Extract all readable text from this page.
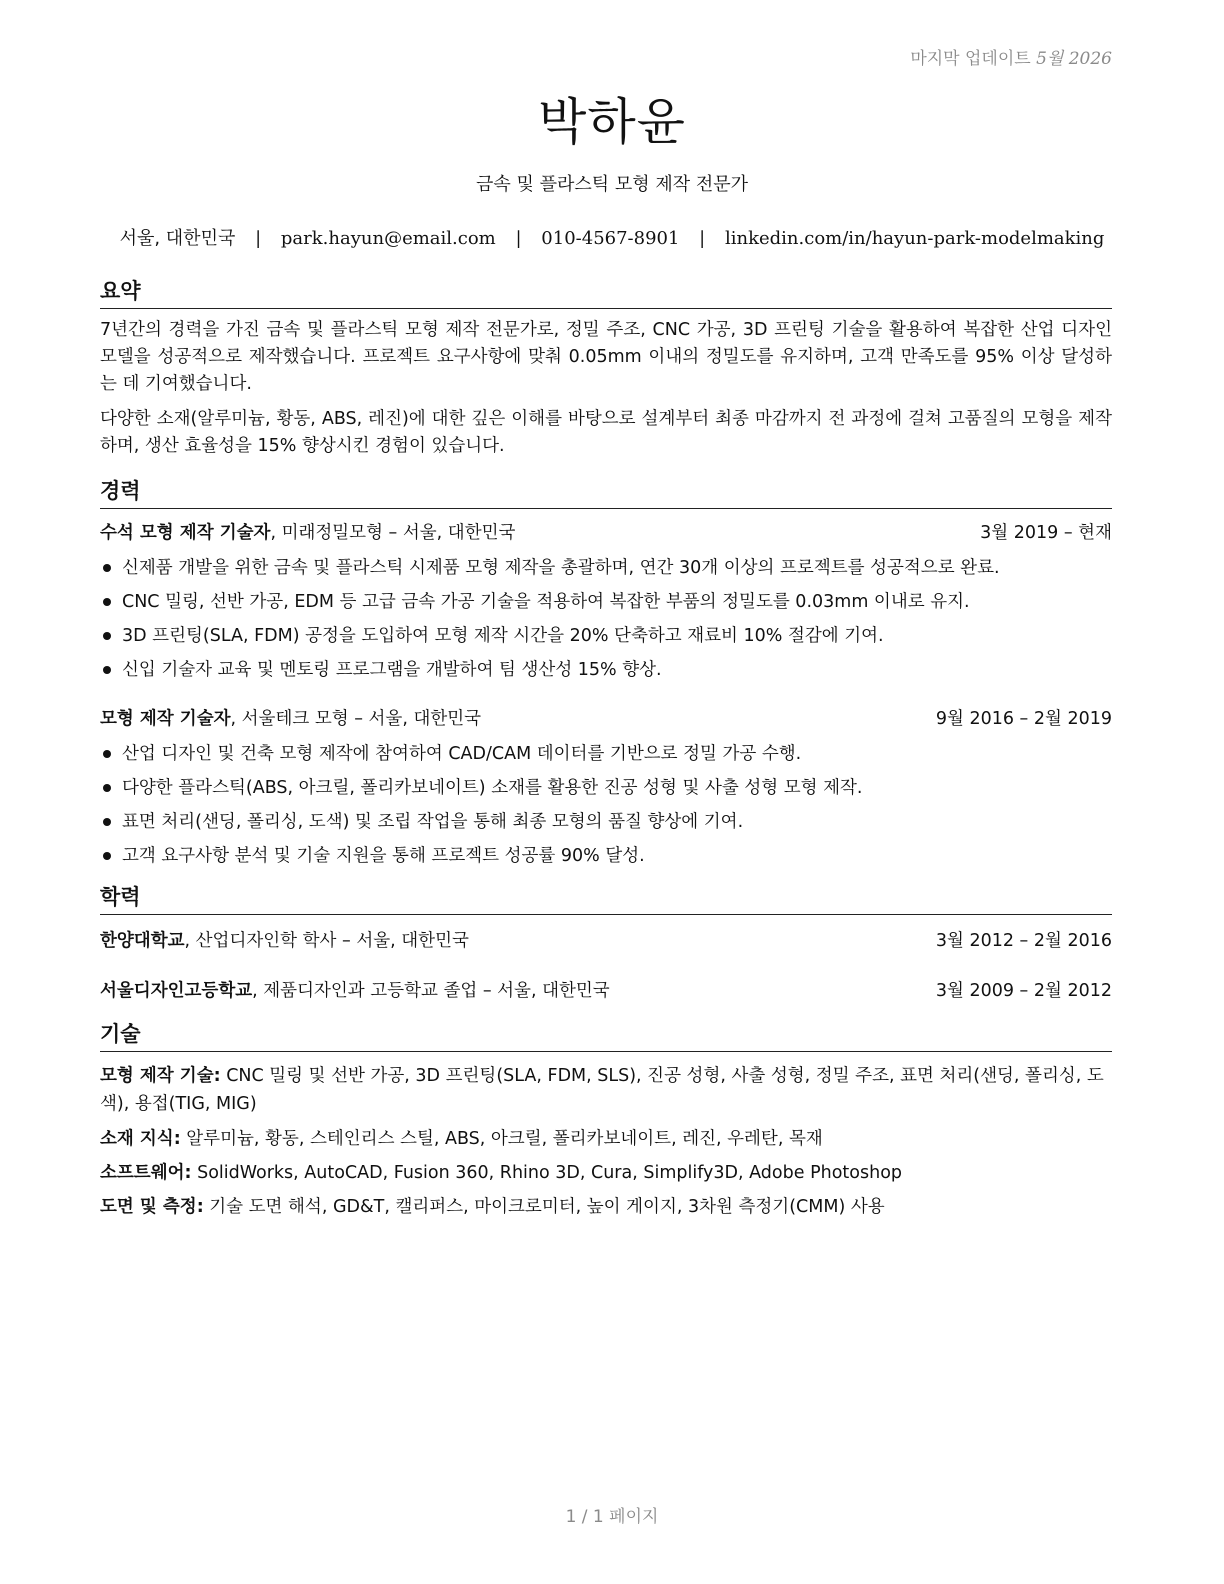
마지막 업데이트 5월 2026
박하윤
금속 및 플라스틱 모형 제작 전문가
서울, 대한민국 | park.hayun@email.com | 010-4567-8901 | linkedin.com/in/hayun-park-modelmaking
요약

7년간의 경력을 가진 금속 및 플라스틱 모형 제작 전문가로, 정밀 주조, CNC 가공, 3D 프린팅 기술을 활용하여 복잡한 산업 디자인 모델을 성공적으로 제작했습니다. 프로젝트 요구사항에 맞춰 0.05mm 이내의 정밀도를 유지하며, 고객 만족도를 95% 이상 달성하는 데 기여했습니다.

다양한 소재(알루미늄, 황동, ABS, 레진)에 대한 깊은 이해를 바탕으로 설계부터 최종 마감까지 전 과정에 걸쳐 고품질의 모형을 제작하며, 생산 효율성을 15% 향상시킨 경험이 있습니다.

경력
수석 모형 제작 기술자, 미래정밀모형 – 서울, 대한민국	3월 2019 – 현재
신제품 개발을 위한 금속 및 플라스틱 시제품 모형 제작을 총괄하며, 연간 30개 이상의 프로젝트를 성공적으로 완료.
CNC 밀링, 선반 가공, EDM 등 고급 금속 가공 기술을 적용하여 복잡한 부품의 정밀도를 0.03mm 이내로 유지.
3D 프린팅(SLA, FDM) 공정을 도입하여 모형 제작 시간을 20% 단축하고 재료비 10% 절감에 기여.
신입 기술자 교육 및 멘토링 프로그램을 개발하여 팀 생산성 15% 향상.
모형 제작 기술자, 서울테크 모형 – 서울, 대한민국	9월 2016 – 2월 2019
산업 디자인 및 건축 모형 제작에 참여하여 CAD/CAM 데이터를 기반으로 정밀 가공 수행.
다양한 플라스틱(ABS, 아크릴, 폴리카보네이트) 소재를 활용한 진공 성형 및 사출 성형 모형 제작.
표면 처리(샌딩, 폴리싱, 도색) 및 조립 작업을 통해 최종 모형의 품질 향상에 기여.
고객 요구사항 분석 및 기술 지원을 통해 프로젝트 성공률 90% 달성.
학력
한양대학교, 산업디자인학 학사 – 서울, 대한민국	3월 2012 – 2월 2016
서울디자인고등학교, 제품디자인과 고등학교 졸업 – 서울, 대한민국	3월 2009 – 2월 2012
기술
모형 제작 기술: CNC 밀링 및 선반 가공, 3D 프린팅(SLA, FDM, SLS), 진공 성형, 사출 성형, 정밀 주조, 표면 처리(샌딩, 폴리싱, 도색), 용접(TIG, MIG)
소재 지식: 알루미늄, 황동, 스테인리스 스틸, ABS, 아크릴, 폴리카보네이트, 레진, 우레탄, 목재
소프트웨어: SolidWorks, AutoCAD, Fusion 360, Rhino 3D, Cura, Simplify3D, Adobe Photoshop
도면 및 측정: 기술 도면 해석, GD&T, 캘리퍼스, 마이크로미터, 높이 게이지, 3차원 측정기(CMM) 사용
1 / 1 페이지
